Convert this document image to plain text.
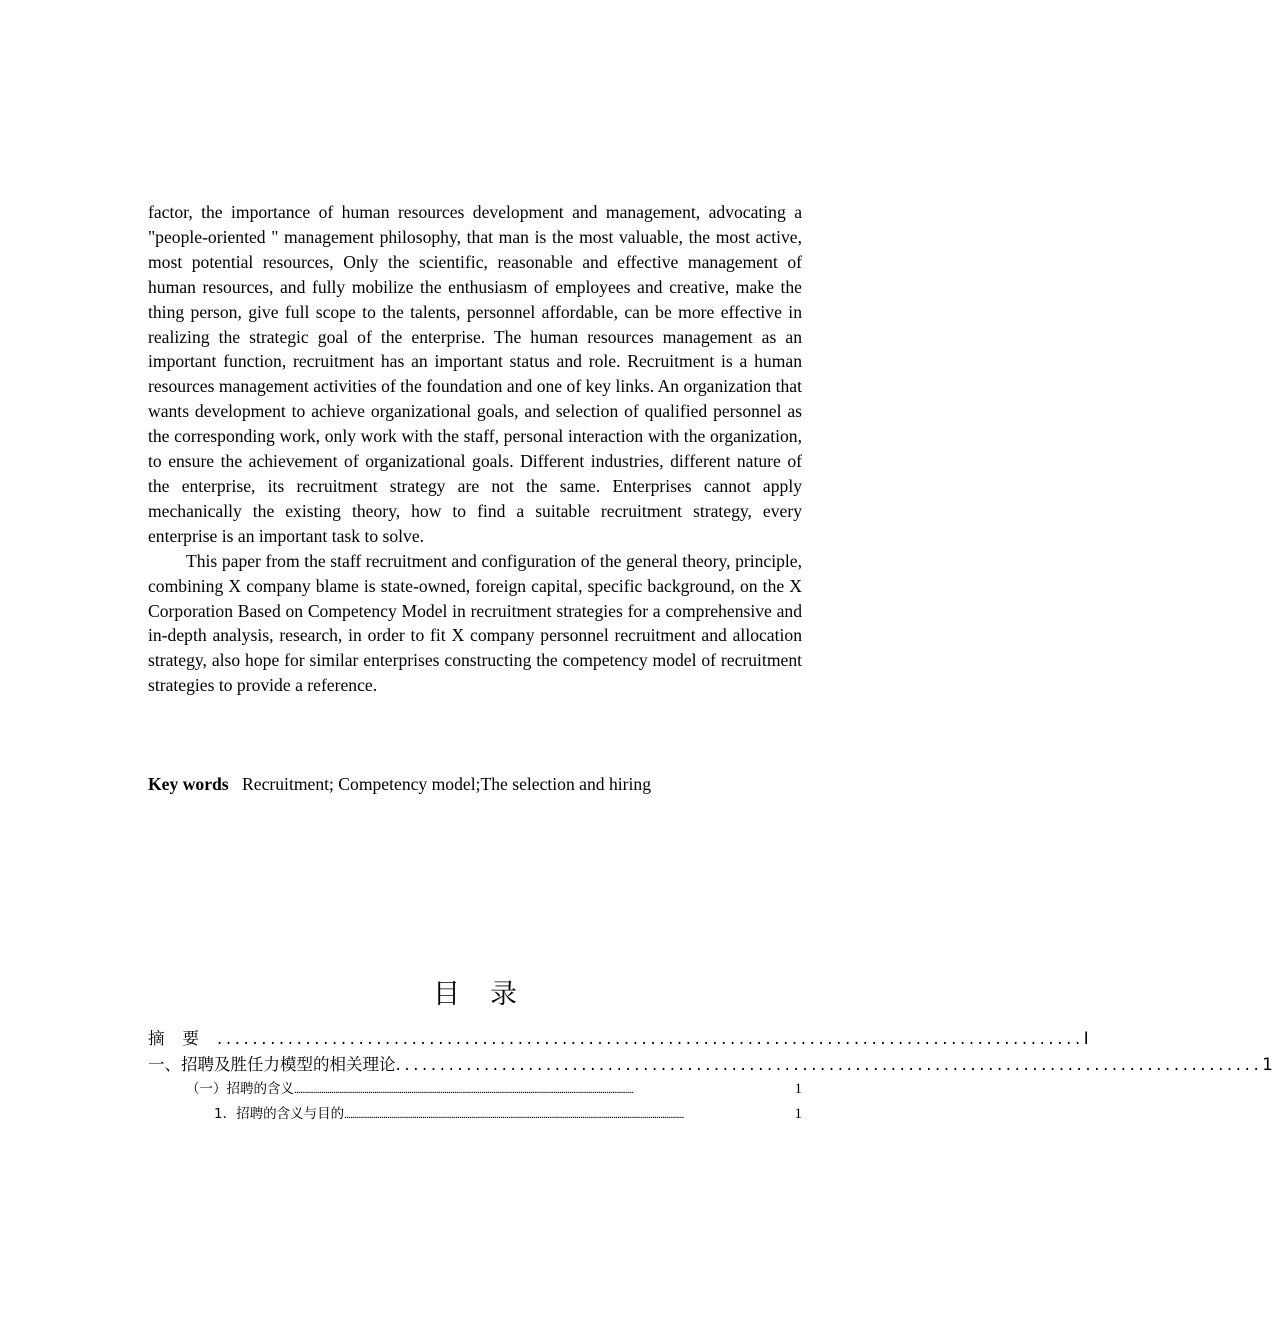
factor, the importance of human resources development and management, advocating a "people-oriented " management philosophy, that man is the most valuable, the most active, most potential resources, Only the scientific, reasonable and effective management of human resources, and fully mobilize the enthusiasm of employees and creative, make the thing person, give full scope to the talents, personnel affordable, can be more effective in realizing the strategic goal of the enterprise. The human resources management as an important function, recruitment has an important status and role. Recruitment is a human resources management activities of the foundation and one of key links. An organization that wants development to achieve organizational goals, and selection of qualified personnel as the corresponding work, only work with the staff, personal interaction with the organization, to ensure the achievement of organizational goals. Different industries, different nature of the enterprise, its recruitment strategy are not the same. Enterprises cannot apply mechanically the existing theory, how to find a suitable recruitment strategy, every enterprise is an important task to solve.

This paper from the staff recruitment and configuration of the general theory, principle, combining X company blame is state-owned, foreign capital, specific background, on the X Corporation Based on Competency Model in recruitment strategies for a comprehensive and in-depth analysis, research, in order to fit X company personnel recruitment and allocation strategy, also hope for similar enterprises constructing the competency model of recruitment strategies to provide a reference.

Key words Recruitment; Competency model;The selection and hiring
目录
摘要 .................................................................................................. I
一、招聘及胜任力模型的相关理论 .................................................................................................. 1
（一）招聘的含义 ..............................................................................................................................................................................	1
1．招聘的含义与目的 ..............................................................................................................................................................................	1
